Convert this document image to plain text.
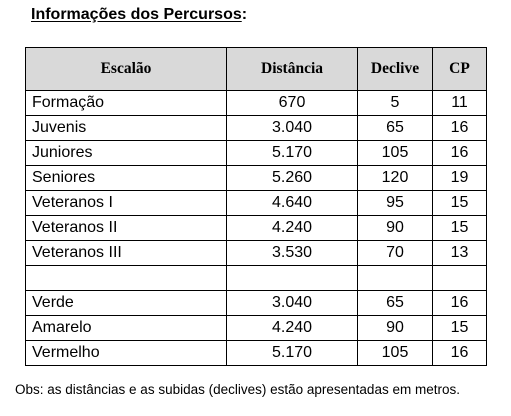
Informações dos Percursos:
Escalão	Distância	Declive	CP
Formação	670	5	11
Juvenis	3.040	65	16
Juniores	5.170	105	16
Seniores	5.260	120	19
Veteranos I	4.640	95	15
Veteranos II	4.240	90	15
Veteranos III	3.530	70	13

Verde	3.040	65	16
Amarelo	4.240	90	15
Vermelho	5.170	105	16
Obs: as distâncias e as subidas (declives) estão apresentadas em metros.
